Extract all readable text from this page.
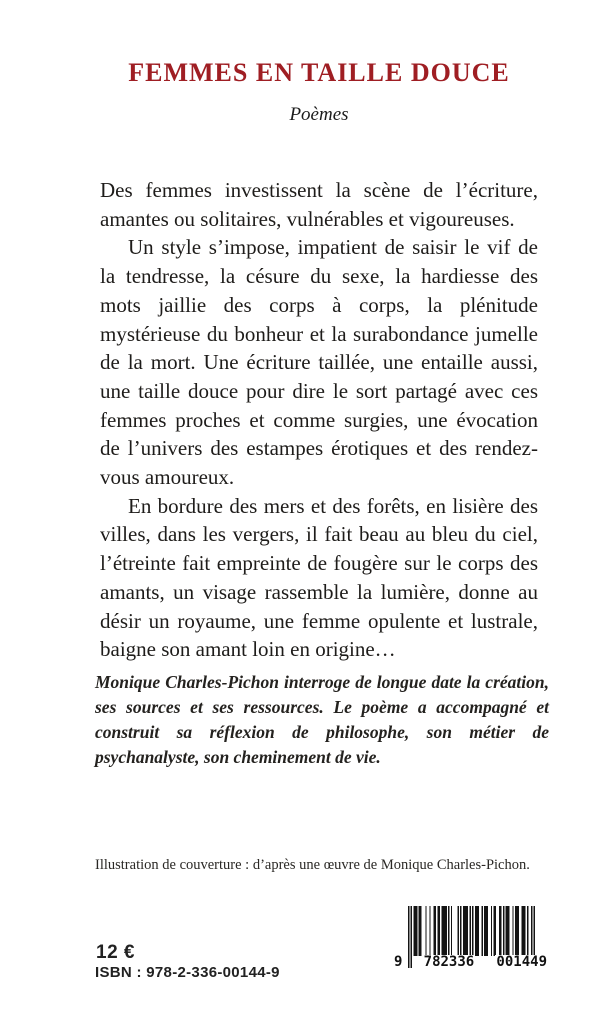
FEMMES EN TAILLE DOUCE
Poèmes

Des femmes investissent la scène de l’écriture, amantes ou solitaires, vulnérables et vigoureuses.

Un style s’impose, impatient de saisir le vif de la tendresse, la césure du sexe, la hardiesse des mots jaillie des corps à corps, la plénitude mystérieuse du bonheur et la surabondance jumelle de la mort. Une écriture taillée, une entaille aussi, une taille douce pour dire le sort partagé avec ces femmes proches et comme surgies, une évocation de l’univers des estampes érotiques et des rendez-vous amoureux.

En bordure des mers et des forêts, en lisière des villes, dans les vergers, il fait beau au bleu du ciel, l’étreinte fait empreinte de fougère sur le corps des amants, un visage rassemble la lumière, donne au désir un royaume, une femme opulente et lustrale, baigne son amant loin en origine…

Monique Charles-Pichon interroge de longue date la création, ses sources et ses ressources. Le poème a accompagné et construit sa réflexion de philosophe, son métier de psychanalyste, son cheminement de vie.
Illustration de couverture : d’après une œuvre de Monique Charles-Pichon.
12 €
ISBN : 978-2-336-00144-9
9 782336 001449
